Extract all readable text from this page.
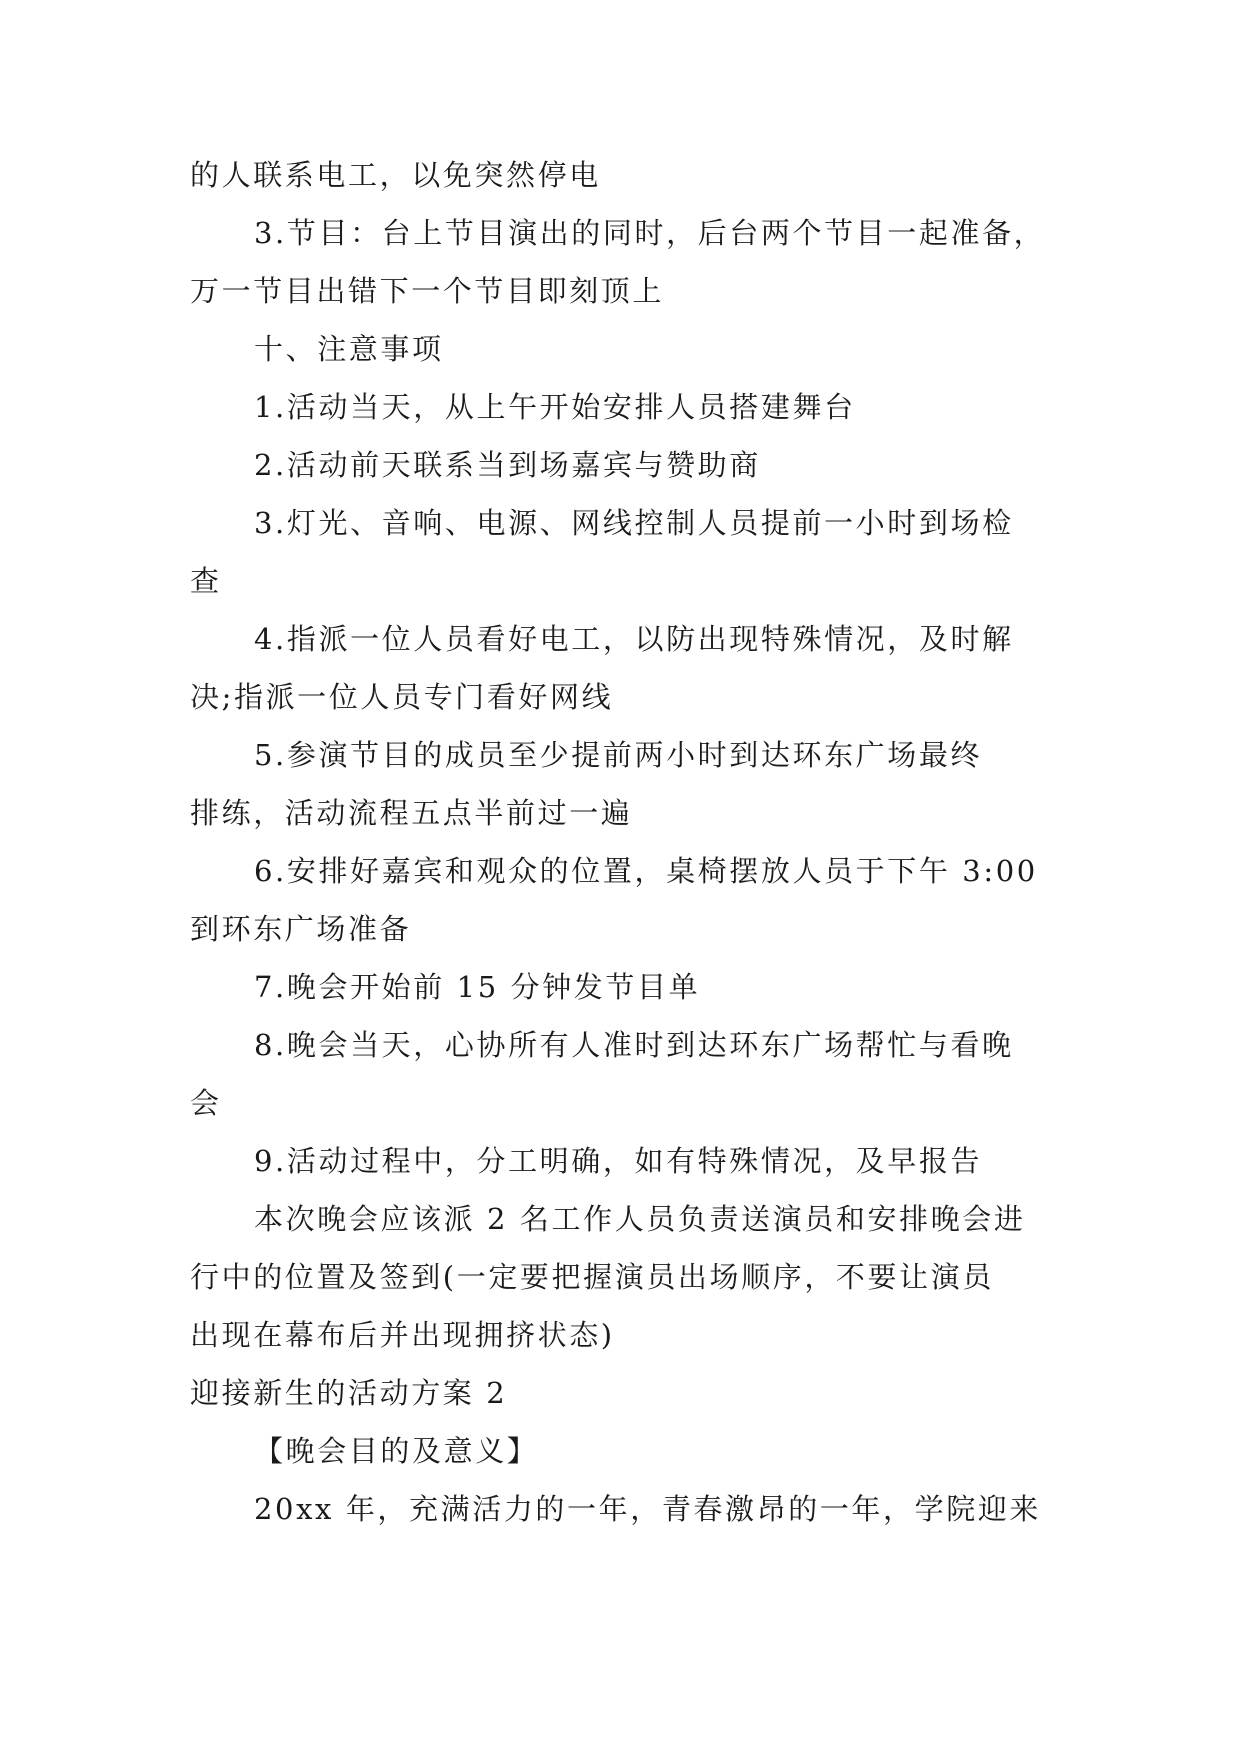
的人联系电工，以免突然停电
3.节目：台上节目演出的同时，后台两个节目一起准备，
万一节目出错下一个节目即刻顶上
十、注意事项
1.活动当天，从上午开始安排人员搭建舞台
2.活动前天联系当到场嘉宾与赞助商
3.灯光、音响、电源、网线控制人员提前一小时到场检
查
4.指派一位人员看好电工，以防出现特殊情况，及时解
决;指派一位人员专门看好网线
5.参演节目的成员至少提前两小时到达环东广场最终
排练，活动流程五点半前过一遍
6.安排好嘉宾和观众的位置，桌椅摆放人员于下午 3:00
到环东广场准备
7.晚会开始前 15 分钟发节目单
8.晚会当天，心协所有人准时到达环东广场帮忙与看晚
会
9.活动过程中，分工明确，如有特殊情况，及早报告
本次晚会应该派 2 名工作人员负责送演员和安排晚会进
行中的位置及签到(一定要把握演员出场顺序，不要让演员
出现在幕布后并出现拥挤状态)
迎接新生的活动方案 2
【晚会目的及意义】
20xx 年，充满活力的一年，青春激昂的一年，学院迎来
